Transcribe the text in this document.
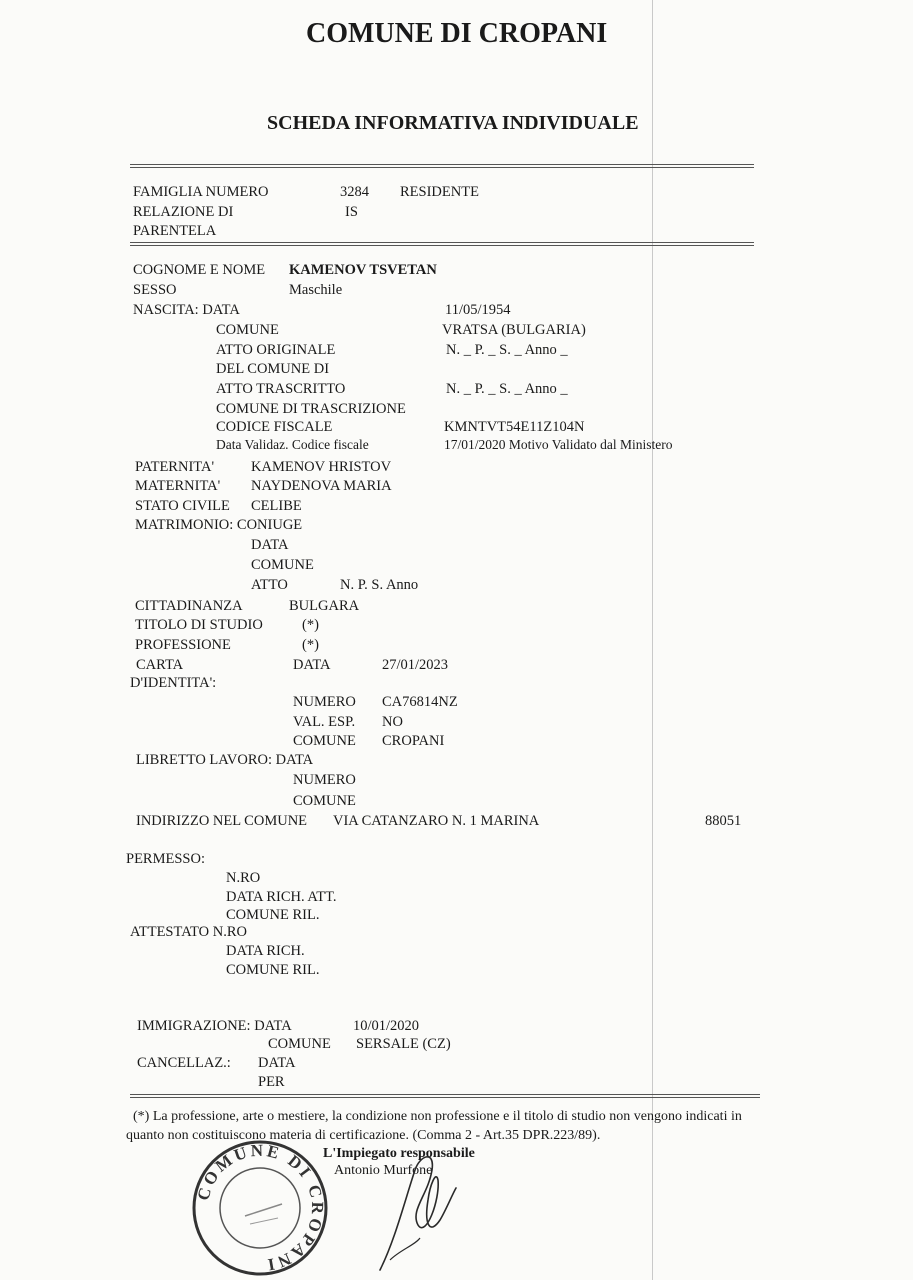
COMUNE DI CROPANI
SCHEDA INFORMATIVA INDIVIDUALE
FAMIGLIA NUMERO	3284 RESIDENTE
RELAZIONE DI	IS
PARENTELA
COGNOME E NOME KAMENOV TSVETAN
SESSO	Maschile
NASCITA: DATA	11/05/1954
COMUNE	VRATSA (BULGARIA)
ATTO ORIGINALE	N. _ P. _ S. _ Anno _
DEL COMUNE DI
ATTO TRASCRITTO	N. _ P. _ S. _ Anno _
COMUNE DI TRASCRIZIONE
CODICE FISCALE	KMNTVT54E11Z104N
Data Validaz. Codice fiscale	17/01/2020 Motivo Validato dal Ministero
PATERNITA'	KAMENOV HRISTOV
MATERNITA' NAYDENOVA MARIA
STATO CIVILE CELIBE
MATRIMONIO: CONIUGE
DATA
COMUNE
ATTO	N. P. S. Anno
CITTADINANZA	BULGARA
TITOLO DI STUDIO	(*)
PROFESSIONE	(*)
CARTA
D'IDENTITA':
DATA	27/01/2023
NUMERO CA76814NZ
VAL. ESP. NO
COMUNE CROPANI
LIBRETTO LAVORO: DATA
NUMERO
COMUNE
INDIRIZZO NEL COMUNE VIA CATANZARO N. 1 MARINA	88051
PERMESSO:
N.RO
DATA RICH. ATT.
COMUNE RIL.
ATTESTATO N.RO
DATA RICH.
COMUNE RIL.
IMMIGRAZIONE: DATA	10/01/2020
COMUNE SERSALE (CZ)
CANCELLAZ.: DATA
PER
(*) La professione, arte o mestiere, la condizione non professione e il titolo di studio non vengono indicati in
quanto non costituiscono materia di certificazione. (Comma 2 - Art.35 DPR.223/89).
L'Impiegato responsabile
Antonio Murfone
COMUNE DI CROPANI
